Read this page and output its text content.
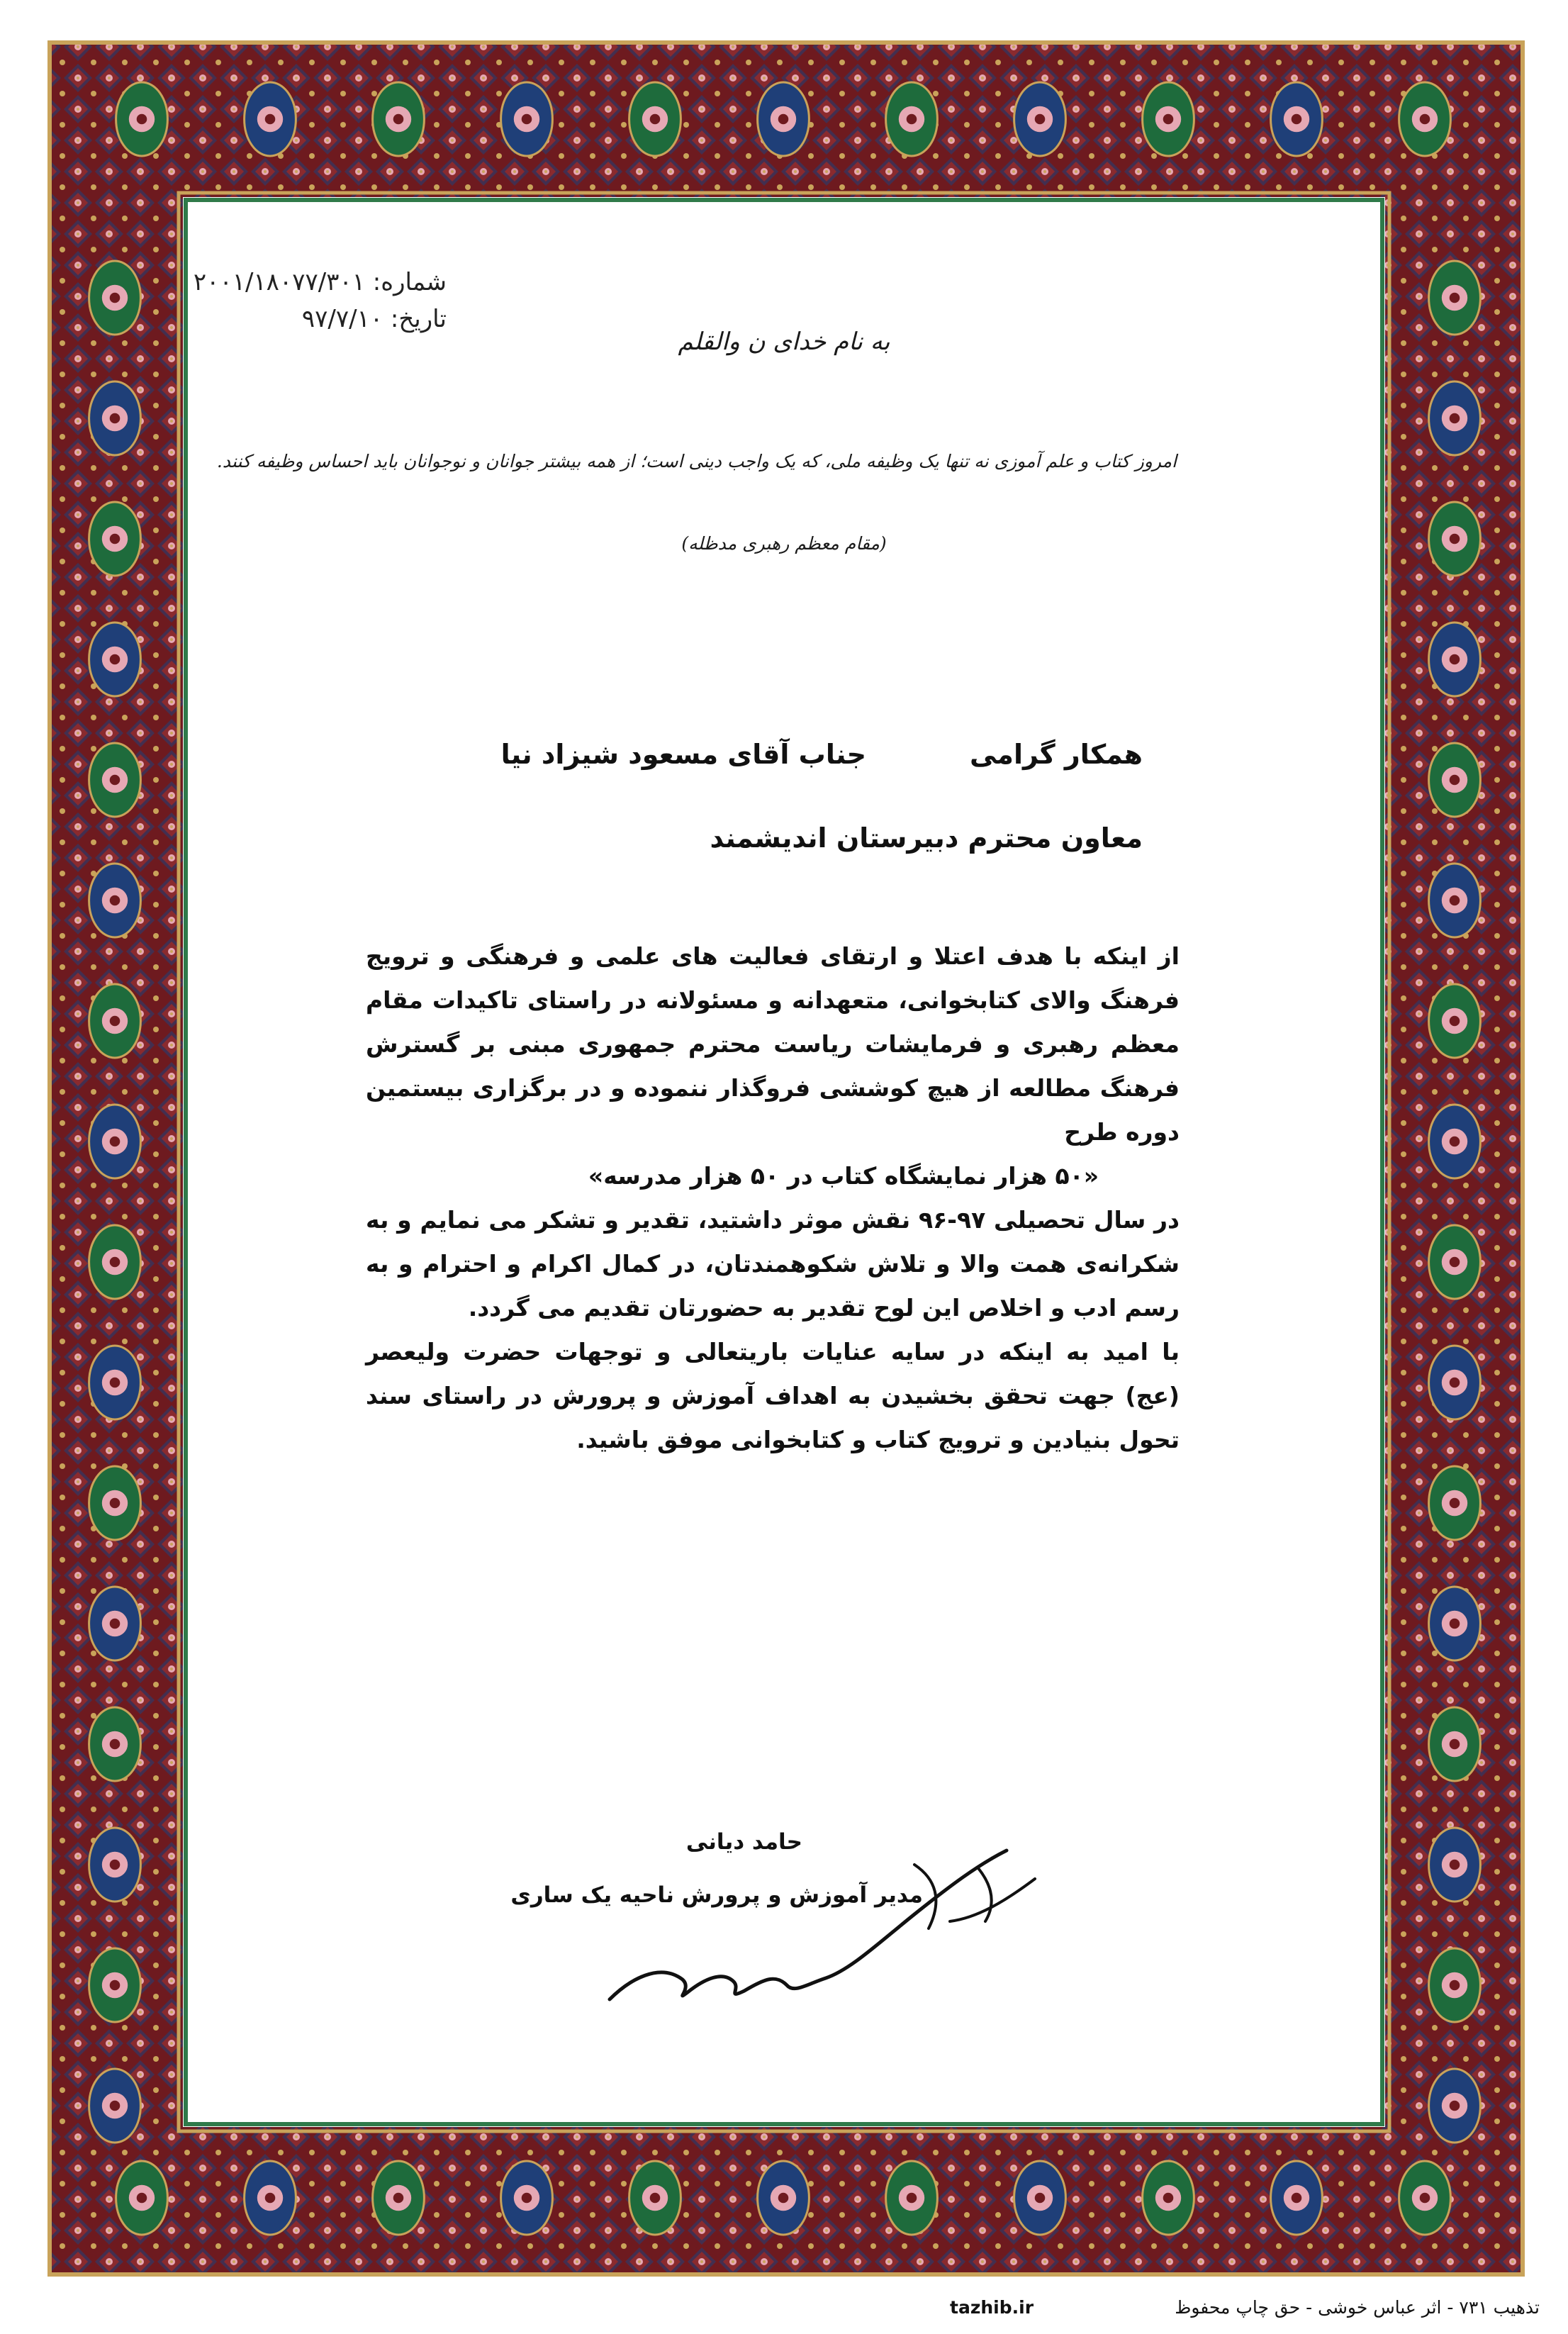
شماره: ۲۰۰۱/۱۸۰۷۷/۳۰۱
تاریخ: ۹۷/۷/۱۰
به نام خدای ن والقلم
امروز کتاب و علم آموزی نه تنها یک وظیفه ملی، که یک واجب دینی است؛ از همه بیشتر جوانان و نوجوانان باید احساس وظیفه کنند.
(مقام معظم رهبری مدظله)
همکار گرامی
جناب آقای مسعود شیزاد نیا
معاون محترم دبیرستان اندیشمند

از اینکه با هدف اعتلا و ارتقای فعالیت های علمی و فرهنگی و ترویج فرهنگ والای کتابخوانی، متعهدانه و مسئولانه در راستای تاکیدات مقام معظم رهبری و فرمایشات ریاست محترم جمهوری مبنی بر گسترش فرهنگ مطالعه از هیچ کوششی فروگذار ننموده و در برگزاری بیستمین دوره طرح

«۵۰ هزار نمایشگاه کتاب در ۵۰ هزار مدرسه»

در سال تحصیلی ۹۷-۹۶ نقش موثر داشتید، تقدیر و تشکر می نمایم و به شکرانه‌ی همت والا و تلاش شکوهمندتان، در کمال اکرام و احترام و به رسم ادب و اخلاص این لوح تقدیر به حضورتان تقدیم می گردد.

با امید به اینکه در سایه عنایات باریتعالی و توجهات حضرت ولیعصر (عج) جهت تحقق بخشیدن به اهداف آموزش و پرورش در راستای سند تحول بنیادین و ترویج کتاب و کتابخوانی موفق باشید.

حامد دیانی
مدیر آموزش و پرورش ناحیه یک ساری
تذهیب ۷۳۱ - اثر عباس خوشی - حق چاپ محفوظ
tazhib.ir
